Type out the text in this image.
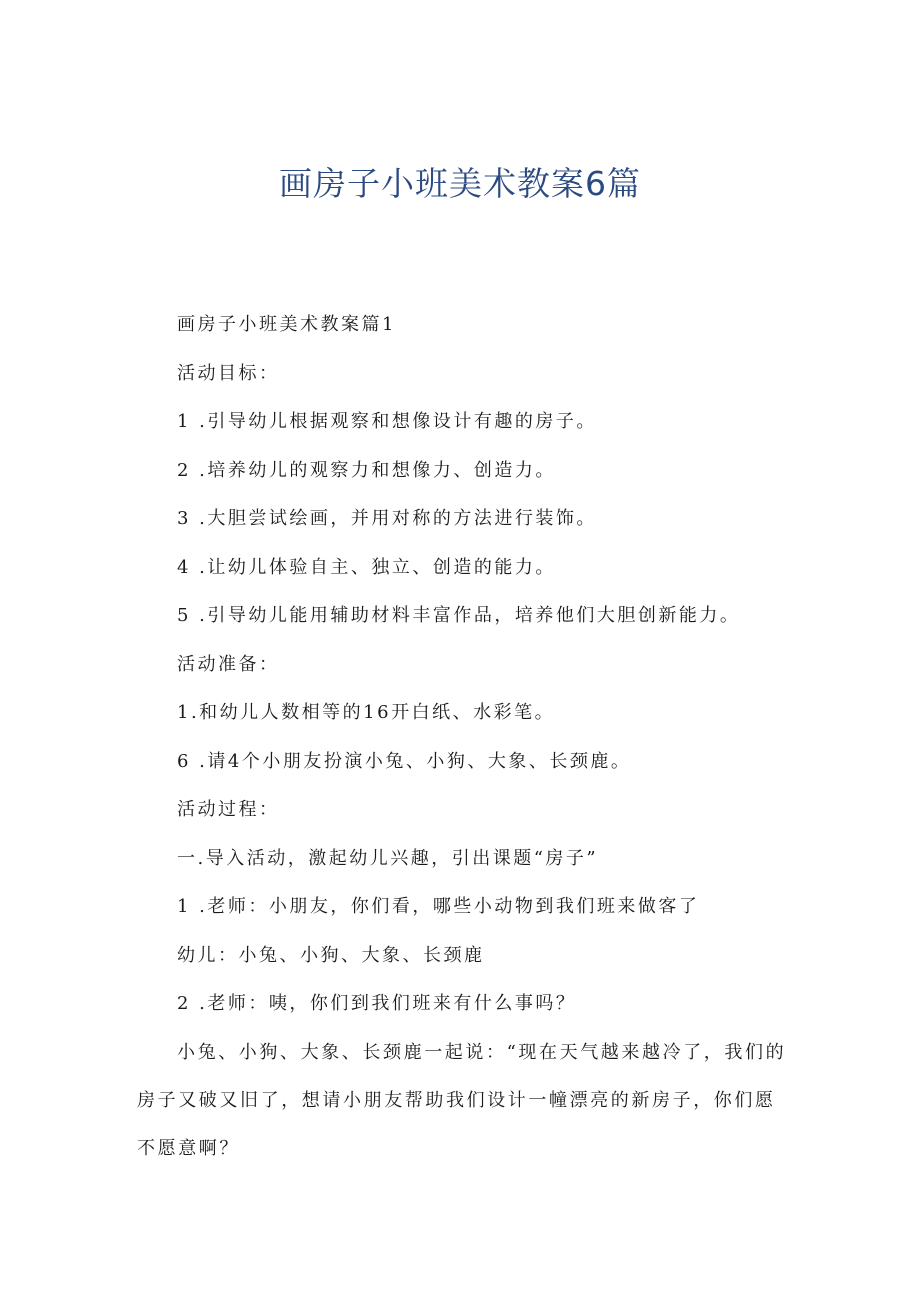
画房子小班美术教案6篇

画房子小班美术教案篇1

活动目标：

1 .引导幼儿根据观察和想像设计有趣的房子。

2 .培养幼儿的观察力和想像力、创造力。

3 .大胆尝试绘画，并用对称的方法进行装饰。

4 .让幼儿体验自主、独立、创造的能力。

5 .引导幼儿能用辅助材料丰富作品，培养他们大胆创新能力。

活动准备：

1.和幼儿人数相等的16开白纸、水彩笔。

6 .请4个小朋友扮演小兔、小狗、大象、长颈鹿。

活动过程：

一.导入活动，激起幼儿兴趣，引出课题“房子”

1 .老师：小朋友，你们看，哪些小动物到我们班来做客了

幼儿：小兔、小狗、大象、长颈鹿

2 .老师：咦，你们到我们班来有什么事吗？

小兔、小狗、大象、长颈鹿一起说：“现在天气越来越冷了，我们的房子又破又旧了，想请小朋友帮助我们设计一幢漂亮的新房子，你们愿不愿意啊？
